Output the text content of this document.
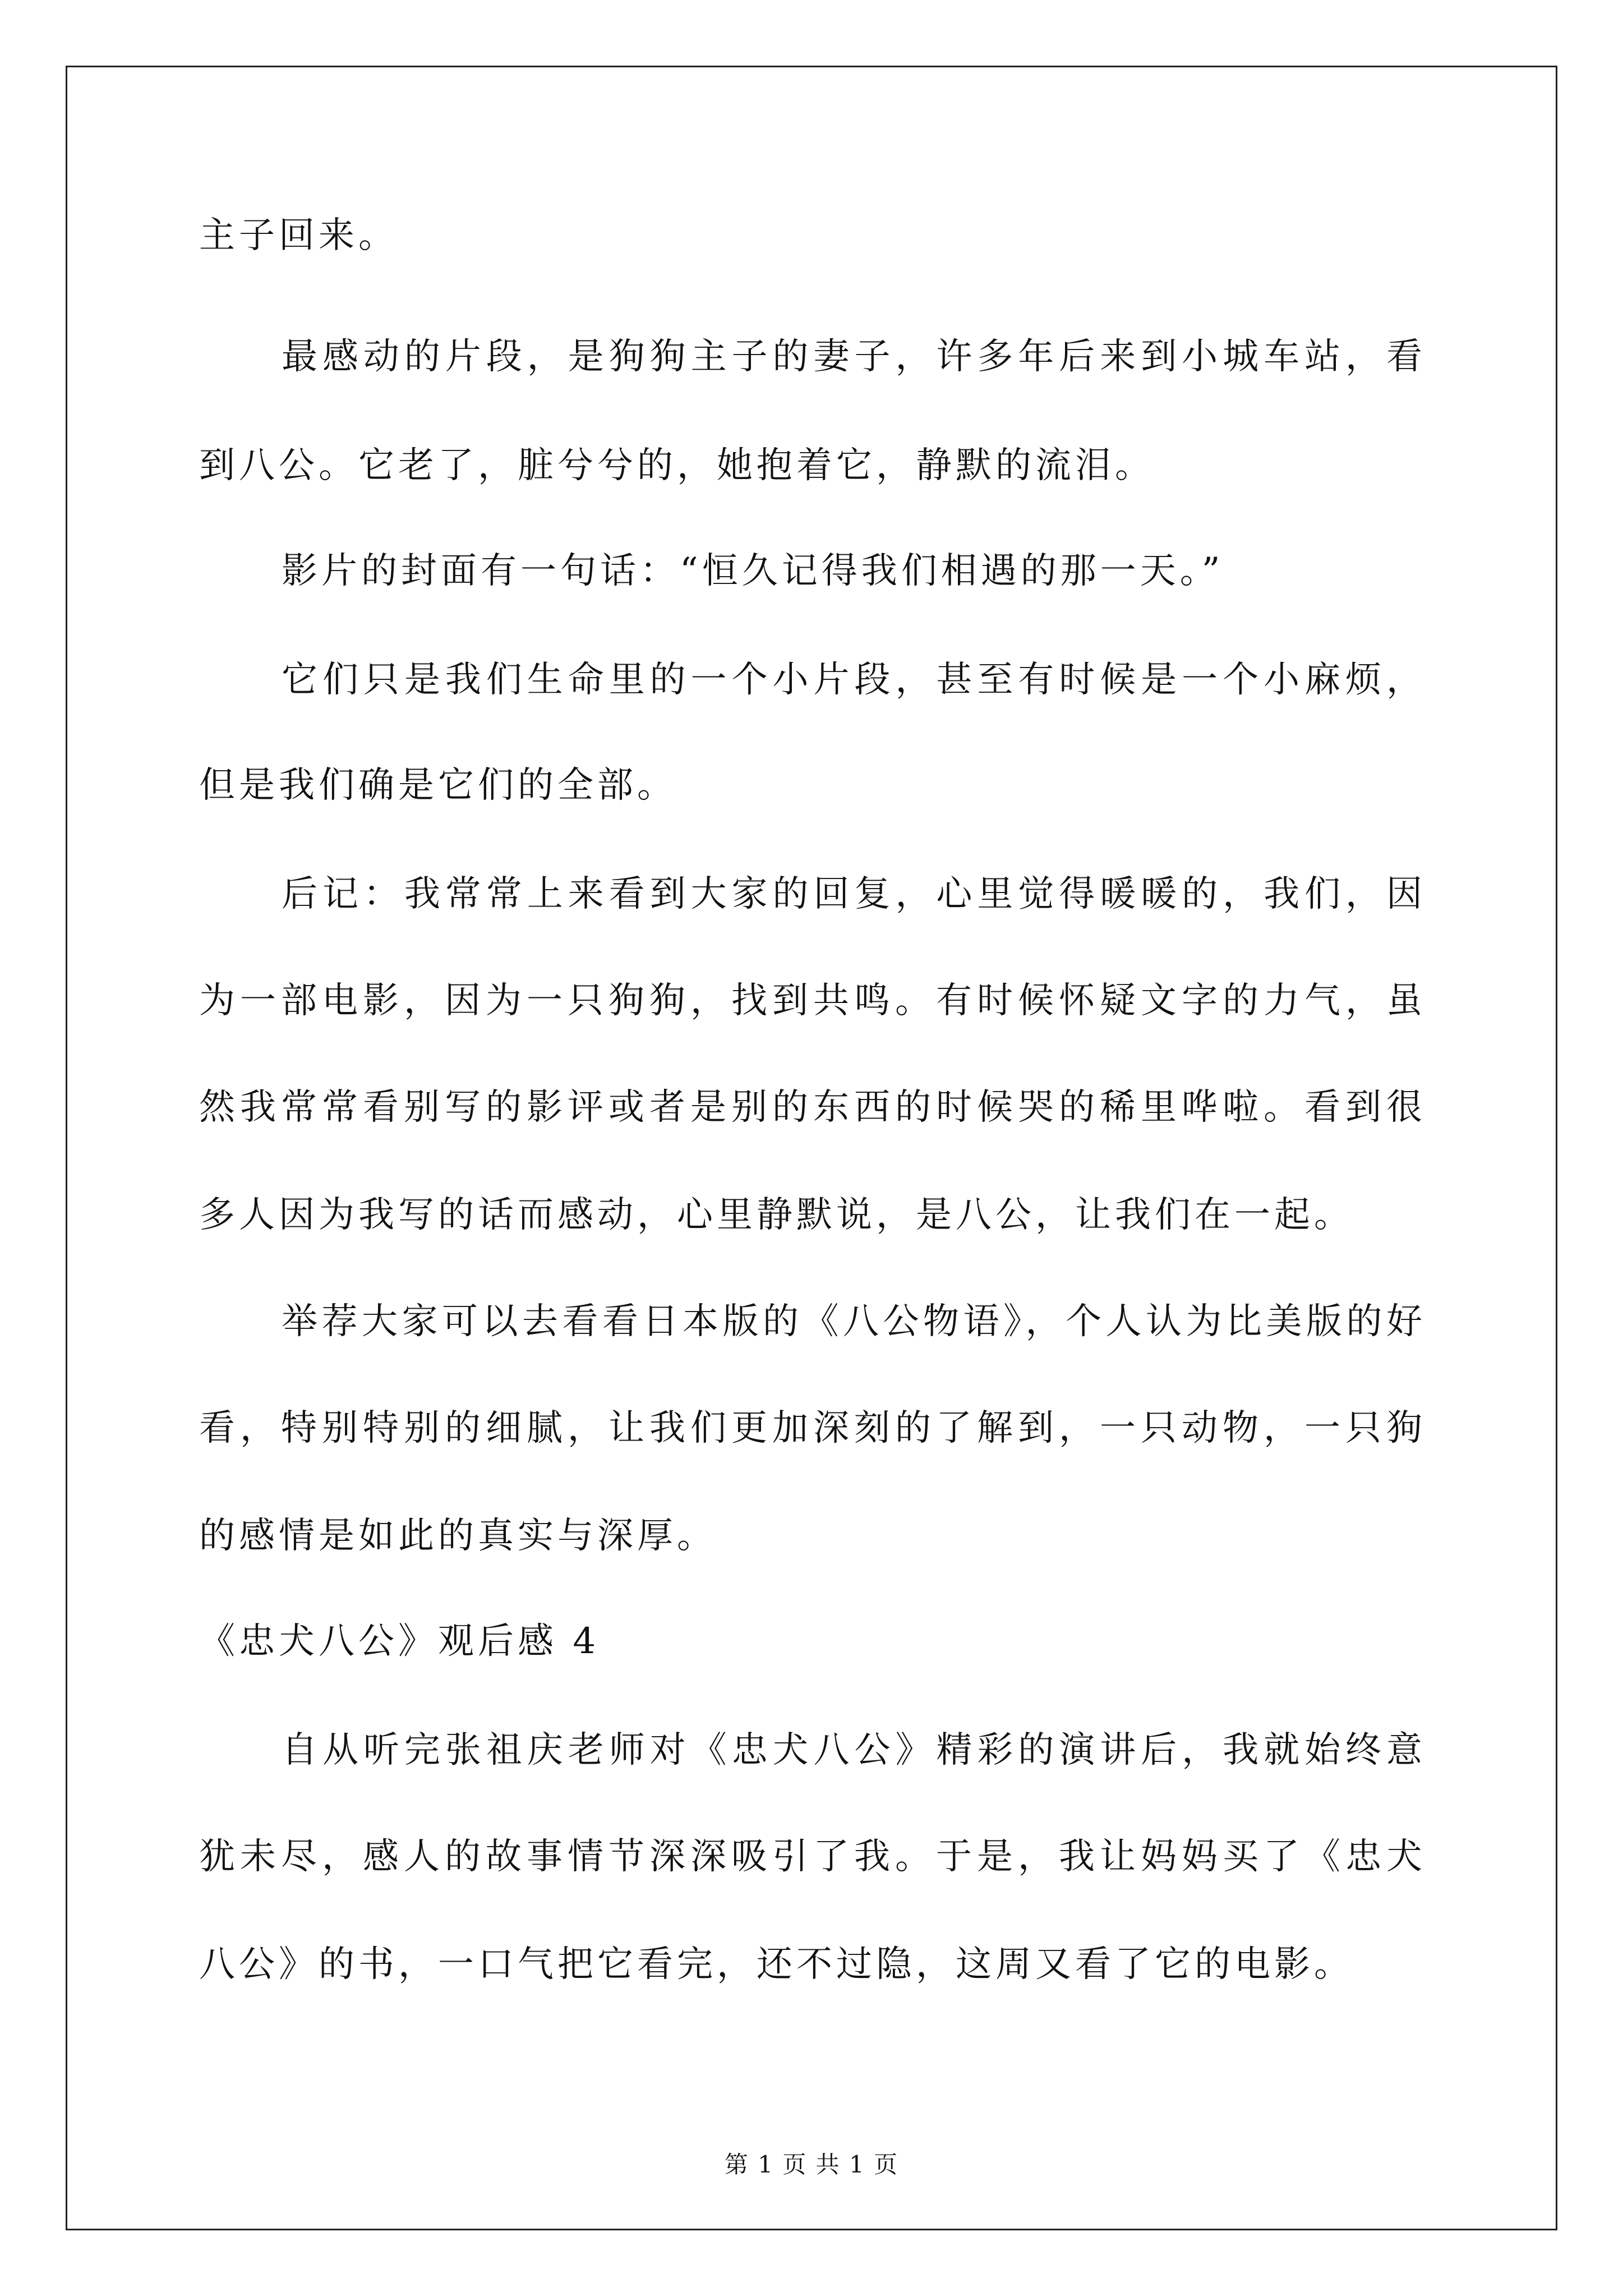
主子回来。
最感动的片段，是狗狗主子的妻子，许多年后来到小城车站，看
到八公。它老了，脏兮兮的，她抱着它，静默的流泪。
影片的封面有一句话：“恒久记得我们相遇的那一天。”
它们只是我们生命里的一个小片段，甚至有时候是一个小麻烦，
但是我们确是它们的全部。
后记：我常常上来看到大家的回复，心里觉得暖暖的，我们，因
为一部电影，因为一只狗狗，找到共鸣。有时候怀疑文字的力气，虽
然我常常看别写的影评或者是别的东西的时候哭的稀里哗啦。看到很
多人因为我写的话而感动，心里静默说，是八公，让我们在一起。
举荐大家可以去看看日本版的《八公物语》，个人认为比美版的好
看，特别特别的细腻，让我们更加深刻的了解到，一只动物，一只狗
的感情是如此的真实与深厚。
《忠犬八公》观后感 4
自从听完张祖庆老师对《忠犬八公》精彩的演讲后，我就始终意
犹未尽，感人的故事情节深深吸引了我。于是，我让妈妈买了《忠犬
八公》的书，一口气把它看完，还不过隐，这周又看了它的电影。
第 1 页 共 1 页
